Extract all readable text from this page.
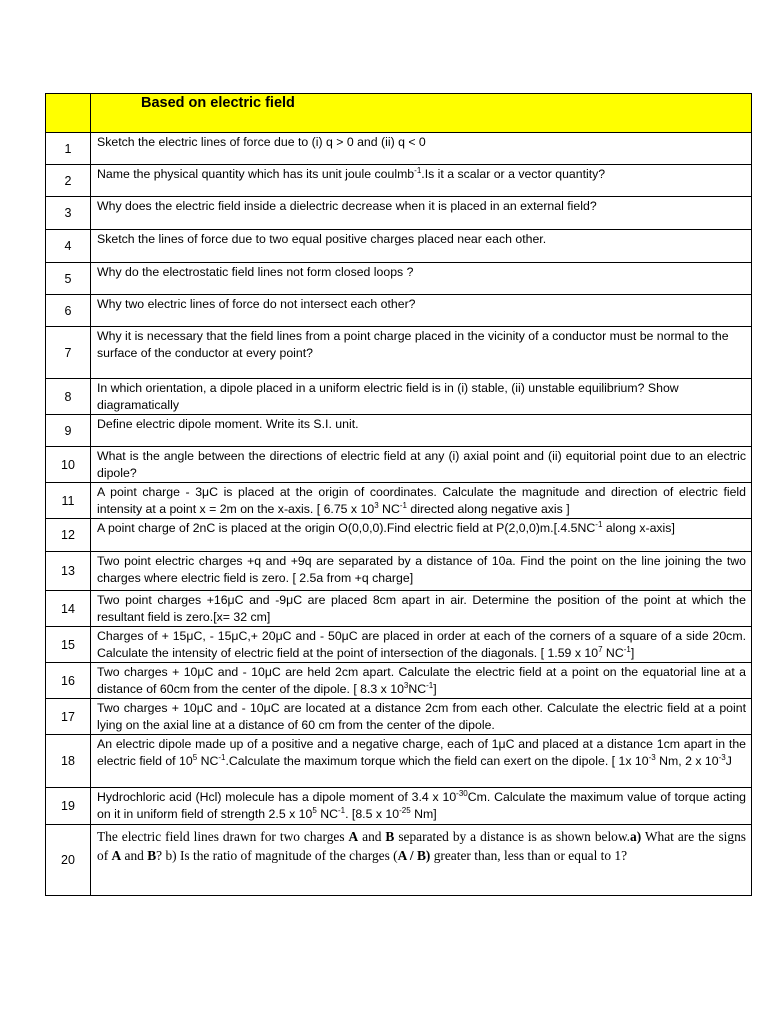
	Based on electric field
1	Sketch the electric lines of force due to (i) q > 0 and (ii) q < 0
2	Name the physical quantity which has its unit joule coulmb$^{-1}$.Is it a scalar or a vector quantity?
3	Why does the electric field inside a dielectric decrease when it is placed in an external field?
4	Sketch the lines of force due to two equal positive charges placed near each other.
5	Why do the electrostatic field lines not form closed loops ?
6	Why two electric lines of force do not intersect each other?
7	Why it is necessary that the field lines from a point charge placed in the vicinity of a conductor must be normal to the surface of the conductor at every point?
8	In which orientation, a dipole placed in a uniform electric field is in (i) stable, (ii) unstable equilibrium? Show diagramatically
9	Define electric dipole moment. Write its S.I. unit.
10	What is the angle between the directions of electric field at any (i) axial point and (ii) equitorial point due to an electric dipole?
11	A point charge - 3μC is placed at the origin of coordinates. Calculate the magnitude and direction of electric field intensity at a point x = 2m on the x-axis. [ 6.75 x $10^3$ $NC^{-1}$ directed along negative axis ]
12	A point charge of 2nC is placed at the origin O(0,0,0).Find electric field at $P(2,0,0)m.[.4.5NC^{-1}$ along x-axis]
13	Two point electric charges +q and +9q are separated by a distance of 10a. Find the point on the line joining the two charges where electric field is zero. [ 2.5a from +q charge]
14	Two point charges +16μC and -9μC are placed 8cm apart in air. Determine the position of the point at which the resultant field is zero.[x= 32 cm]
15	Charges of + 15μC, - 15μC,+ 20μC and - 50μC are placed in order at each of the corners of a square of a side 20cm. Calculate the intensity of electric field at the point of intersection of the diagonals. [ 1.59 x $10^7$ $NC^{-1}$]
16	Two charges + 10μC and - 10μC are held 2cm apart. Calculate the electric field at a point on the equatorial line at a distance of 60cm from the center of the dipole. [ 8.3 x $10^3NC^{-1}$]
17	Two charges + 10μC and - 10μC are located at a distance 2cm from each other. Calculate the electric field at a point lying on the axial line at a distance of 60 cm from the center of the dipole.
18	An electric dipole made up of a positive and a negative charge, each of 1μC and placed at a distance 1cm apart in the electric field of $10^5$ $NC^{-1}.Calculate$ the maximum torque which the field can exert on the dipole. [ 1x $10^{-3}$ Nm, 2 x $10^{-3}J$
19	Hydrochloric acid (Hcl) molecule has a dipole moment of 3.4 x $10^{-30}Cm$. Calculate the maximum value of torque acting on it in uniform field of strength 2.5 x $10^5$ $NC^{-1}$. [8.5 x $10^{-25}$ Nm]
20	The electric field lines drawn for two charges A and B separated by a distance is as shown below.a) What are the signs of A and B? b) Is the ratio of magnitude of the charges (A / B) greater than, less than or equal to 1?
